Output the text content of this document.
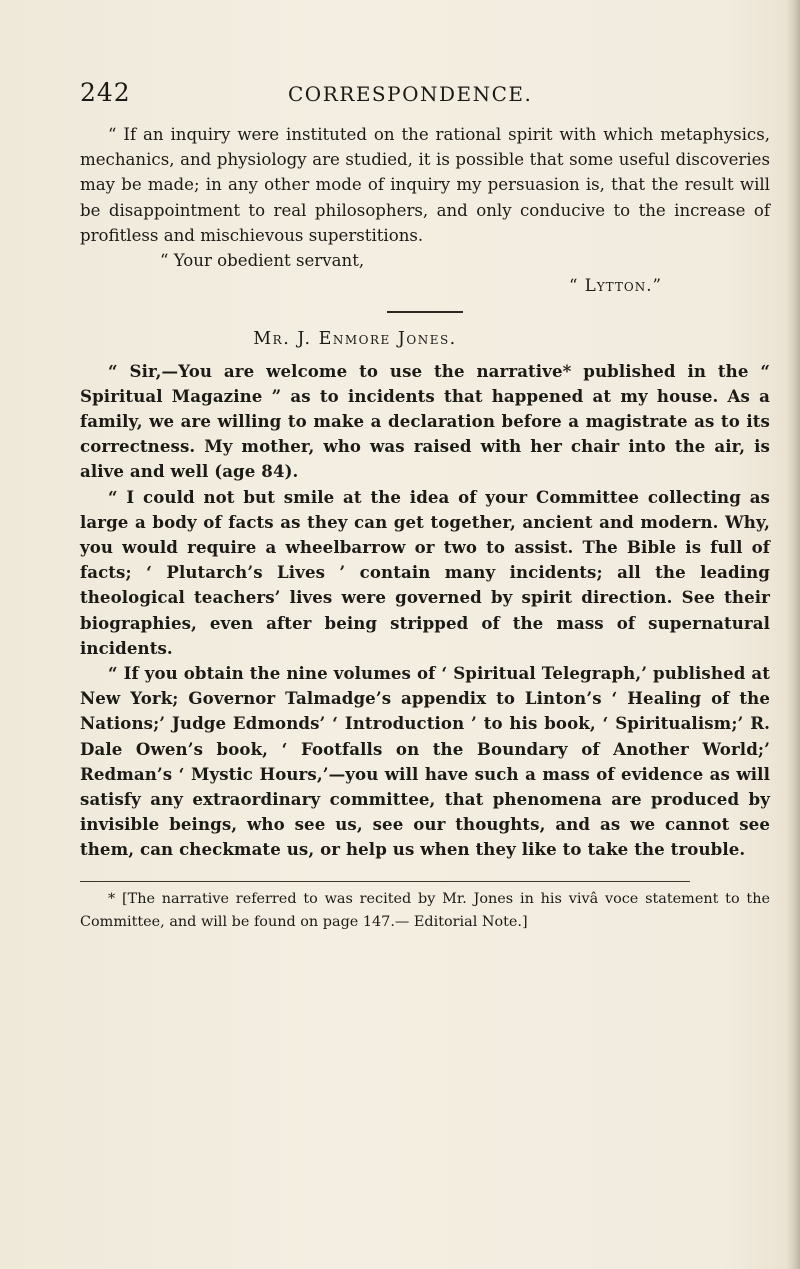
242	CORRESPONDENCE.

“ If an inquiry were instituted on the rational spirit with which metaphysics, mechanics, and physiology are studied, it is possible that some useful discoveries may be made; in any other mode of inquiry my persuasion is, that the result will be disappointment to real philosophers, and only conducive to the increase of profitless and mischievous superstitions.

“ Your obedient servant,

“ Lytton.”

Mr. J. Enmore Jones.

“ Sir,—You are welcome to use the narrative* published in the “ Spiritual Magazine ” as to incidents that happened at my house. As a family, we are willing to make a declaration before a magistrate as to its correctness. My mother, who was raised with her chair into the air, is alive and well (age 84).

“ I could not but smile at the idea of your Committee collecting as large a body of facts as they can get together, ancient and modern. Why, you would require a wheelbarrow or two to assist. The Bible is full of facts; ‘ Plutarch’s Lives ’ contain many incidents; all the leading theological teachers’ lives were governed by spirit direction. See their biographies, even after being stripped of the mass of supernatural incidents.

“ If you obtain the nine volumes of ‘ Spiritual Telegraph,’ published at New York; Governor Talmadge’s appendix to Linton’s ‘ Healing of the Nations;’ Judge Edmonds’ ‘ Introduction ’ to his book, ‘ Spiritualism;’ R. Dale Owen’s book, ‘ Footfalls on the Boundary of Another World;’ Redman’s ‘ Mystic Hours,’—you will have such a mass of evidence as will satisfy any extraordinary committee, that phenomena are produced by invisible beings, who see us, see our thoughts, and as we cannot see them, can checkmate us, or help us when they like to take the trouble.

* [The narrative referred to was recited by Mr. Jones in his vivâ voce statement to the Committee, and will be found on page 147.— Editorial Note.]
